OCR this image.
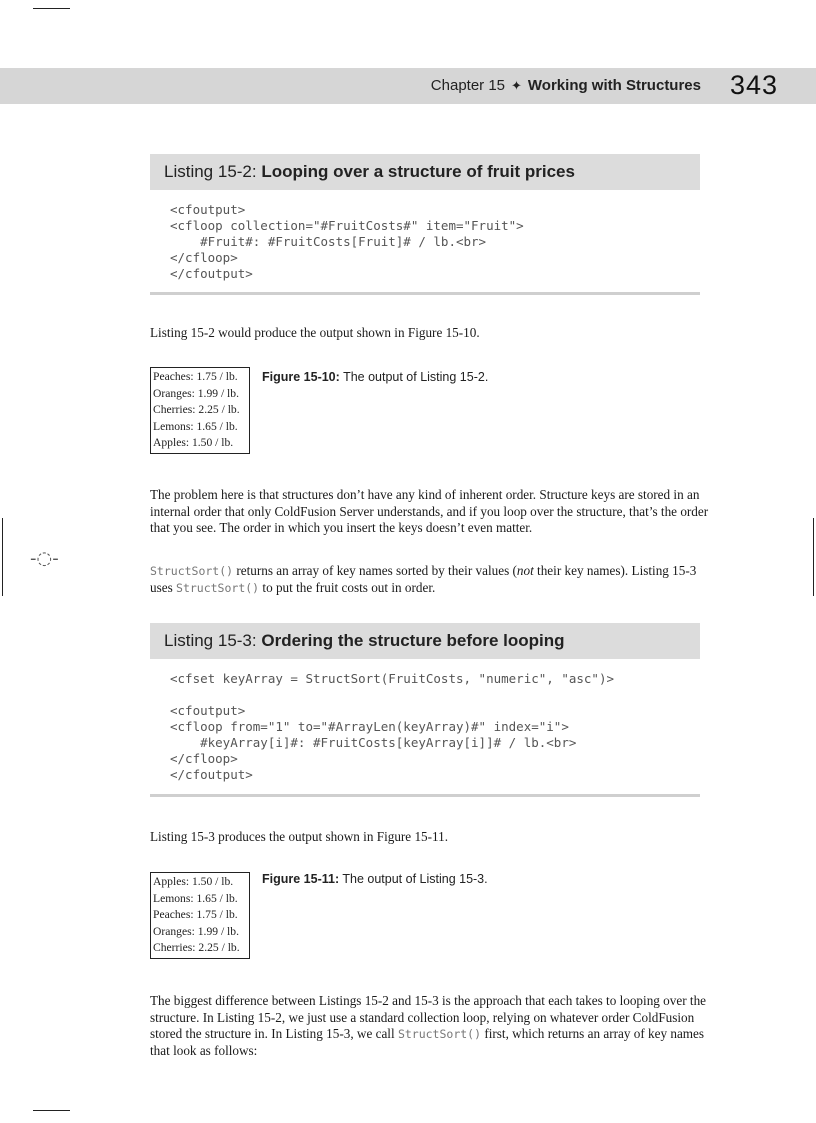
-◌-
Chapter 15 ✦ Working with Structures 343
Listing 15-2: Looping over a structure of fruit prices
<cfoutput>
<cfloop collection="#FruitCosts#" item="Fruit">
#Fruit#: #FruitCosts[Fruit]# / lb.<br>
</cfloop>
</cfoutput>

Listing 15-2 would produce the output shown in Figure 15-10.

Peaches: 1.75 / lb.
Oranges: 1.99 / lb.
Cherries: 2.25 / lb.
Lemons: 1.65 / lb.
Apples: 1.50 / lb.
Figure 15-10: The output of Listing 15-2.

The problem here is that structures don’t have any kind of inherent order. Structure keys are stored in an internal order that only ColdFusion Server understands, and if you loop over the structure, that’s the order that you see. The order in which you insert the keys doesn’t even matter.

StructSort() returns an array of key names sorted by their values (not their key names). Listing 15-3 uses StructSort() to put the fruit costs out in order.

Listing 15-3: Ordering the structure before looping
<cfset keyArray = StructSort(FruitCosts, "numeric", "asc")>

<cfoutput>
<cfloop from="1" to="#ArrayLen(keyArray)#" index="i">
#keyArray[i]#: #FruitCosts[keyArray[i]]# / lb.<br>
</cfloop>
</cfoutput>

Listing 15-3 produces the output shown in Figure 15-11.

Apples: 1.50 / lb.
Lemons: 1.65 / lb.
Peaches: 1.75 / lb.
Oranges: 1.99 / lb.
Cherries: 2.25 / lb.
Figure 15-11: The output of Listing 15-3.

The biggest difference between Listings 15-2 and 15-3 is the approach that each takes to looping over the structure. In Listing 15-2, we just use a standard collection loop, relying on whatever order ColdFusion stored the structure in. In Listing 15-3, we call StructSort() first, which returns an array of key names that look as follows:
